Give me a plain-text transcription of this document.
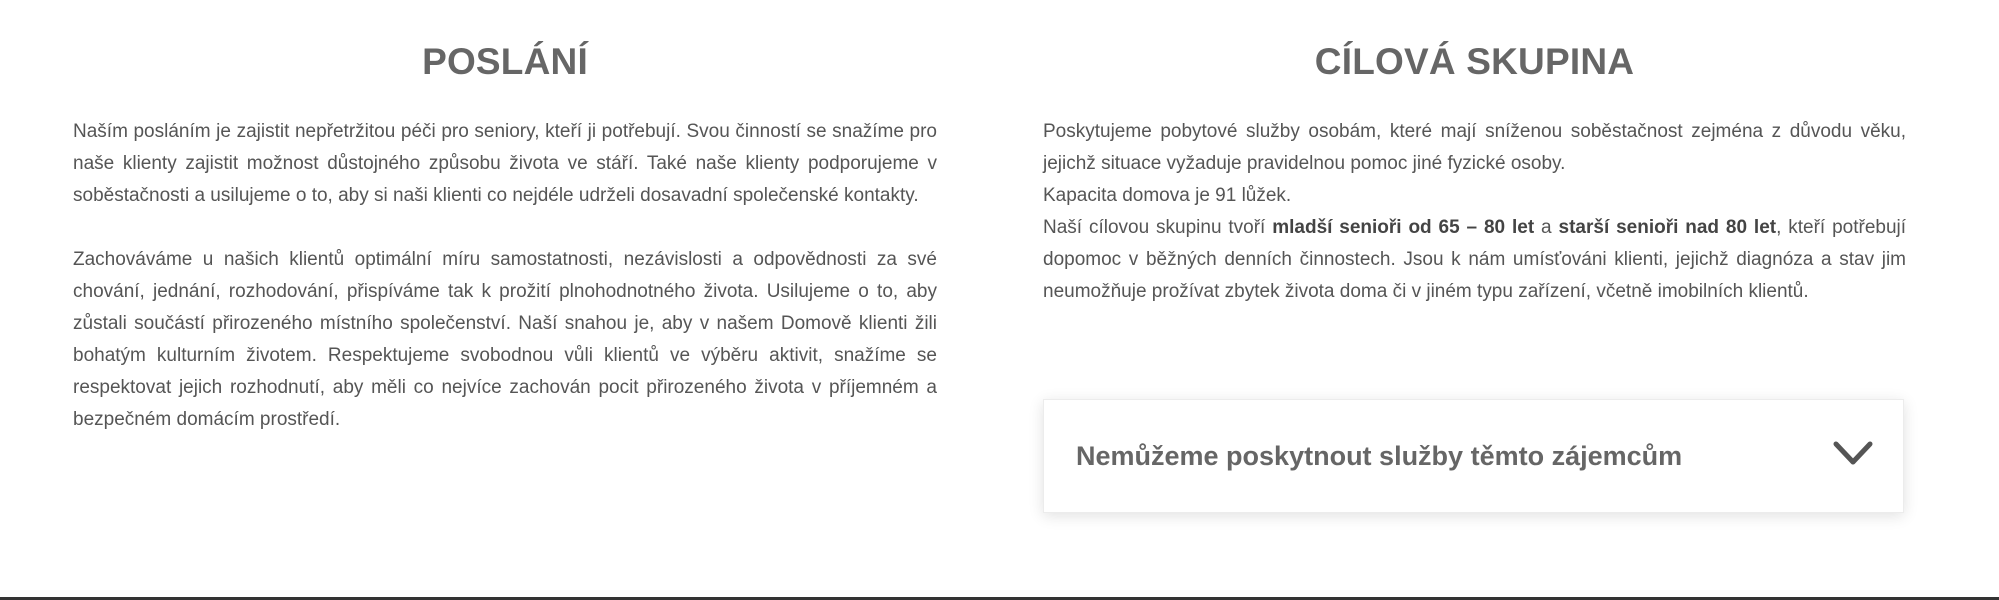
POSLÁNÍ

Naším posláním je zajistit nepřetržitou péči pro seniory, kteří ji potřebují. Svou činností se snažíme pro naše klienty zajistit možnost důstojného způsobu života ve stáří. Také naše klienty podporujeme v soběstačnosti a usilujeme o to, aby si naši klienti co nejdéle udrželi dosavadní společenské kontakty.

Zachováváme u našich klientů optimální míru samostatnosti, nezávislosti a odpovědnosti za své chování, jednání, rozhodování, přispíváme tak k prožití plnohodnotného života. Usilujeme o to, aby zůstali součástí přirozeného místního společenství. Naší snahou je, aby v našem Domově klienti žili bohatým kulturním životem. Respektujeme svobodnou vůli klientů ve výběru aktivit, snažíme se respektovat jejich rozhodnutí, aby měli co nejvíce zachován pocit přirozeného života v příjemném a bezpečném domácím prostředí.

CÍLOVÁ SKUPINA

Poskytujeme pobytové služby osobám, které mají sníženou soběstačnost zejména z důvodu věku, jejichž situace vyžaduje pravidelnou pomoc jiné fyzické osoby.

Kapacita domova je 91 lůžek.

Naší cílovou skupinu tvoří mladší senioři od 65 – 80 let a starší senioři nad 80 let, kteří potřebují dopomoc v běžných denních činnostech. Jsou k nám umísťováni klienti, jejichž diagnóza a stav jim neumožňuje prožívat zbytek života doma či v jiném typu zařízení, včetně imobilních klientů.

Nemůžeme poskytnout služby těmto zájemcům
